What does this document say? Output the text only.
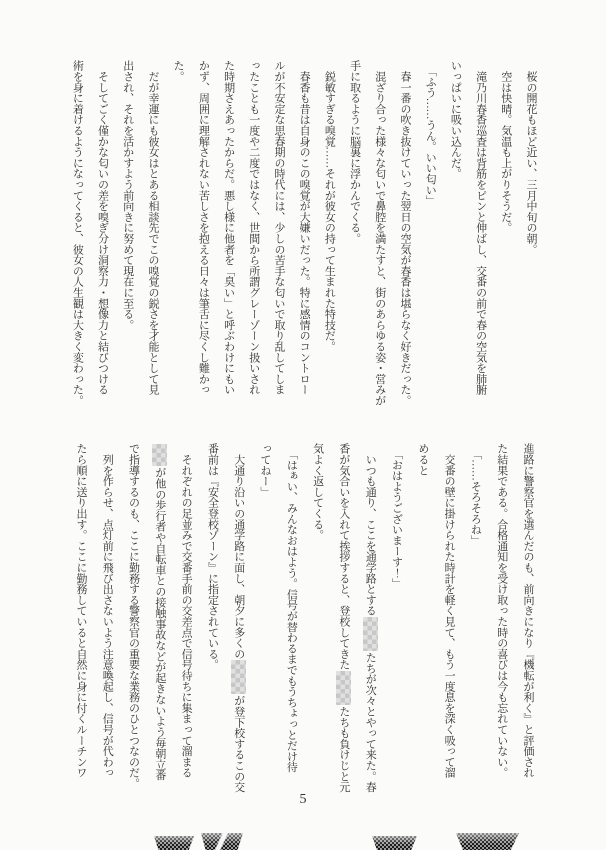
　桜の開花もほど近い、三月中旬の朝。
　空は快晴。気温も上がりそうだ。
　滝乃川春香巡査は背筋をピンと伸ばし、交番の前で春の空気を肺腑
いっぱいに吸い込んだ。
　「ふう……うん。いい匂い」
　春一番の吹き抜けていった翌日の空気が春香は堪らなく好きだった。
　混ざり合った様々な匂いで鼻腔を満たすと、街のあらゆる姿・営みが
手に取るように脳裏に浮かんでくる。
　鋭敏すぎる嗅覚……それが彼女の持って生まれた特技だ。
　春香も昔は自身のこの嗅覚が大嫌いだった。特に感情のコントロー
ルが不安定な思春期の時代には、少しの苦手な匂いで取り乱してしま
ったことも一度や二度ではなく、世間から所謂グレーゾーン扱いされ
た時期さえあったからだ。悪し様に他者を「臭い」と呼ぶわけにもい
かず、周囲に理解されない苦しさを抱える日々は筆舌に尽くし難かっ
た。
　だが幸運にも彼女はとある相談先でこの嗅覚の鋭さを才能として見
出され、それを活かすよう前向きに努めて現在に至る。
　そしてごく僅かな匂いの差を嗅ぎ分け洞察力・想像力と結びつける
術を身に着けるようになってくると、彼女の人生観は大きく変わった。
進路に警察官を選んだのも、前向きになり『機転が利く』と評価され
た結果である。合格通知を受け取った時の喜びは今も忘れていない。
　「……そろそろね」
　交番の壁に掛けられた時計を軽く見て、もう一度息を深く吸って溜
めると
　「おはようございまーす！」
　いつも通り、ここを通学路とするたちが次々とやって来た。春
香が気合いを入れて挨拶すると、登校してきたたちも負けじと元
気よく返してくる。
　「はぁい、みんなおはよう。信号が替わるまでもうちょっとだけ待
ってねー」
　大通り沿いの通学路に面し、朝夕に多くのが登下校するこの交
番前は『安全登校ゾーン』に指定されている。
　それぞれの足並みで交番手前の交差点で信号待ちに集まって溜まる
が他の歩行者や自転車との接触事故などが起きないよう毎朝立番
で指導するのも、ここに勤務する警察官の重要な業務のひとつなのだ。
　列を作らせ、点灯前に飛び出さないよう注意喚起し、信号が代わっ
たら順に送り出す。ここに勤務していると自然に身に付くルーチンワ
5
